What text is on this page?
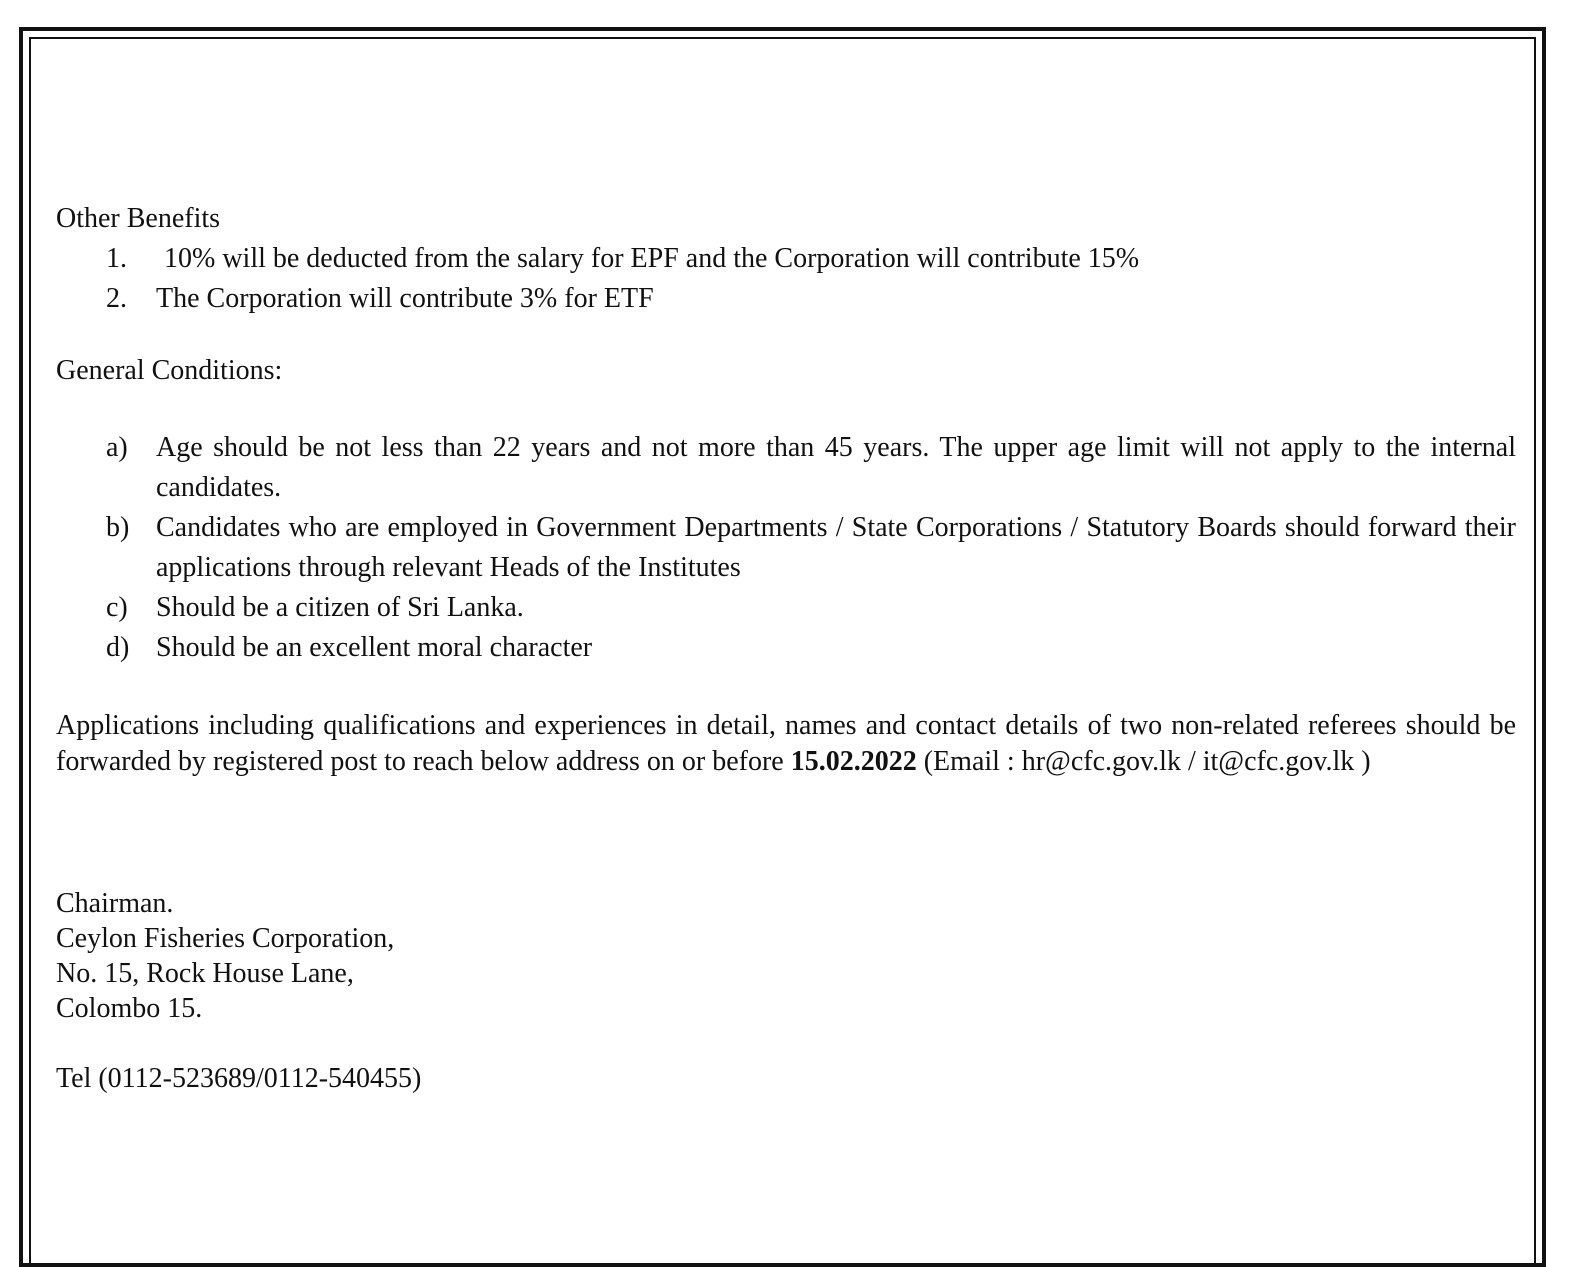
Other Benefits

1. 10% will be deducted from the salary for EPF and the Corporation will contribute 15%
2. The Corporation will contribute 3% for ETF

General Conditions:

a) Age should be not less than 22 years and not more than 45 years. The upper age limit will not apply to the internal candidates.
b) Candidates who are employed in Government Departments / State Corporations / Statutory Boards should forward their applications through relevant Heads of the Institutes
c) Should be a citizen of Sri Lanka.
d) Should be an excellent moral character

Applications including qualifications and experiences in detail, names and contact details of two non-related referees should be forwarded by registered post to reach below address on or before 15.02.2022 (Email : hr@cfc.gov.lk / it@cfc.gov.lk )

Chairman.
Ceylon Fisheries Corporation,
No. 15, Rock House Lane,
Colombo 15.
Tel (0112-523689/0112-540455)
